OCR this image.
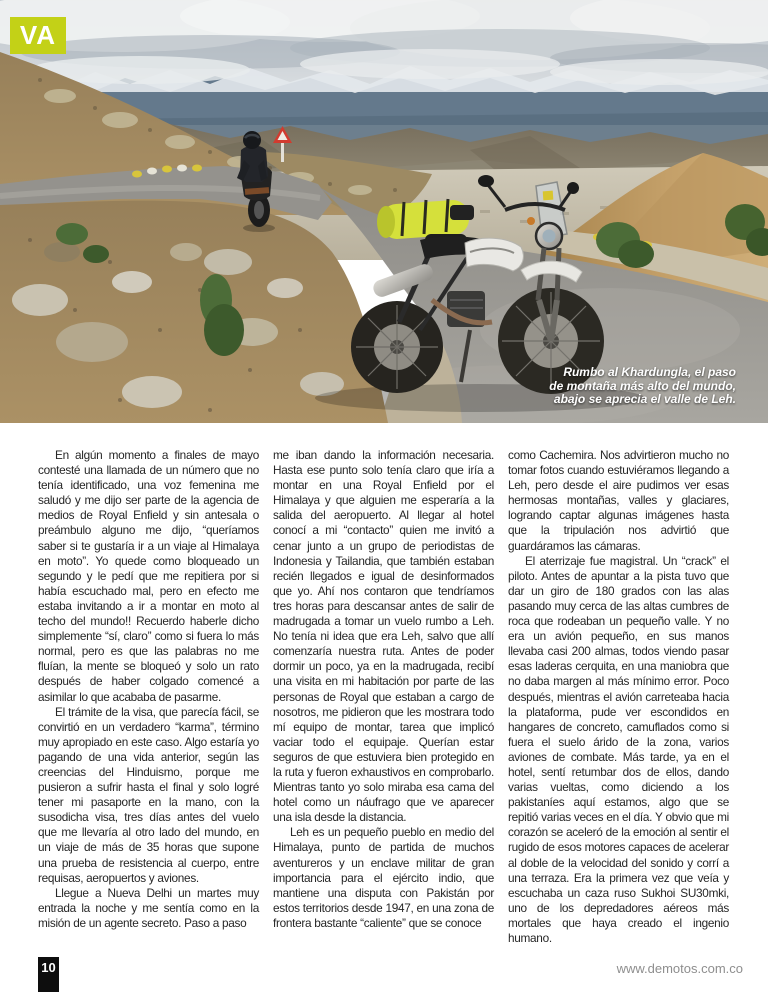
Rumbo al Khardungla, el paso
de montaña más alto del mundo,
abajo se aprecia el valle de Leh.
VA

En algún momento a finales de mayo contesté una llamada de un número que no tenía identificado, una voz femenina me saludó y me dijo ser parte de la agencia de medios de Royal Enfield y sin antesala o preámbulo alguno me dijo, “queríamos saber si te gustaría ir a un viaje al Himalaya en moto”. Yo quede como bloqueado un segundo y le pedí que me repitiera por si había escuchado mal, pero en efecto me estaba invitando a ir a montar en moto al techo del mundo!! Recuerdo haberle dicho simplemente “sí, claro” como si fuera lo más normal, pero es que las palabras no me fluían, la mente se bloqueó y solo un rato después de haber colgado comencé a asimilar lo que acababa de pasarme.

El trámite de la visa, que parecía fácil, se convirtió en un verdadero “karma”, término muy apropiado en este caso. Algo estaría yo pagando de una vida anterior, según las creencias del Hinduismo, porque me pusieron a sufrir hasta el final y solo logré tener mi pasaporte en la mano, con la susodicha visa, tres días antes del vuelo que me llevaría al otro lado del mundo, en un viaje de más de 35 horas que supone una prueba de resistencia al cuerpo, entre requisas, aeropuertos y aviones.

Llegue a Nueva Delhi un martes muy entrada la noche y me sentía como en la misión de un agente secreto. Paso a paso

me iban dando la información necesaria. Hasta ese punto solo tenía claro que iría a montar en una Royal Enfield por el Himalaya y que alguien me esperaría a la salida del aeropuerto. Al llegar al hotel conocí a mi “contacto” quien me invitó a cenar junto a un grupo de periodistas de Indonesia y Tailandia, que también estaban recién llegados e igual de desinformados que yo. Ahí nos contaron que tendríamos tres horas para descansar antes de salir de madrugada a tomar un vuelo rumbo a Leh. No tenía ni idea que era Leh, salvo que allí comenzaría nuestra ruta. Antes de poder dormir un poco, ya en la madrugada, recibí una visita en mi habitación por parte de las personas de Royal que estaban a cargo de nosotros, me pidieron que les mostrara todo mí equipo de montar, tarea que implicó vaciar todo el equipaje. Querían estar seguros de que estuviera bien protegido en la ruta y fueron exhaustivos en comprobarlo. Mientras tanto yo solo miraba esa cama del hotel como un náufrago que ve aparecer una isla desde la distancia.

Leh es un pequeño pueblo en medio del Himalaya, punto de partida de muchos aventureros y un enclave militar de gran importancia para el ejército indio, que mantiene una disputa con Pakistán por estos territorios desde 1947, en una zona de frontera bastante “caliente” que se conoce

como Cachemira. Nos advirtieron mucho no tomar fotos cuando estuviéramos llegando a Leh, pero desde el aire pudimos ver esas hermosas montañas, valles y glaciares, logrando captar algunas imágenes hasta que la tripulación nos advirtió que guardáramos las cámaras.

El aterrizaje fue magistral. Un “crack” el piloto. Antes de apuntar a la pista tuvo que dar un giro de 180 grados con las alas pasando muy cerca de las altas cumbres de roca que rodeaban un pequeño valle. Y no era un avión pequeño, en sus manos llevaba casi 200 almas, todos viendo pasar esas laderas cerquita, en una maniobra que no daba margen al más mínimo error. Poco después, mientras el avión carreteaba hacia la plataforma, pude ver escondidos en hangares de concreto, camuflados como si fuera el suelo árido de la zona, varios aviones de combate. Más tarde, ya en el hotel, sentí retumbar dos de ellos, dando varias vueltas, como diciendo a los pakistaníes aquí estamos, algo que se repitió varias veces en el día. Y obvio que mi corazón se aceleró de la emoción al sentir el rugido de esos motores capaces de acelerar al doble de la velocidad del sonido y corrí a una terraza. Era la primera vez que veía y escuchaba un caza ruso Sukhoi SU30mki, uno de los depredadores aéreos más mortales que haya creado el ingenio humano.

10	www.demotos.com.co
